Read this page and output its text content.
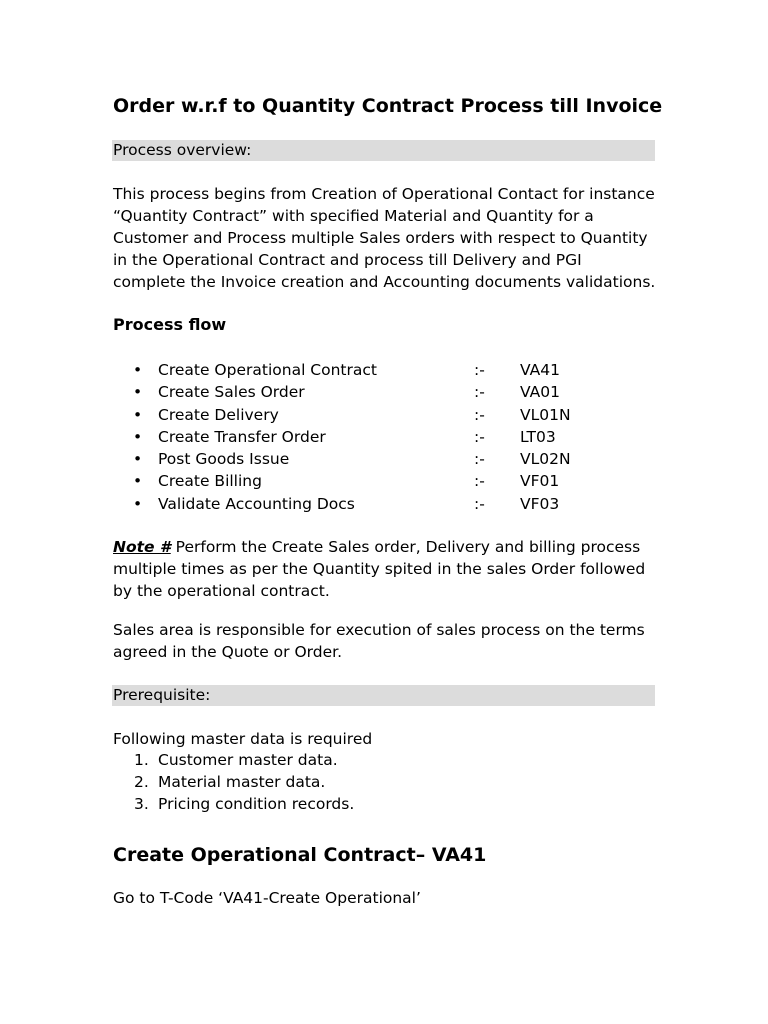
Order w.r.f to Quantity Contract Process till Invoice
Process overview:

This process begins from Creation of Operational Contact for instance
“Quantity Contract” with specified Material and Quantity for a
Customer and Process multiple Sales orders with respect to Quantity
in the Operational Contract and process till Delivery and PGI
complete the Invoice creation and Accounting documents validations.

Process flow
• Create Operational Contract	:- VA41
• Create Sales Order	:- VA01
• Create Delivery	:- VL01N
• Create Transfer Order	:- LT03
• Post Goods Issue	:- VL02N
• Create Billing	:- VF01
• Validate Accounting Docs	:- VF03

Note # Perform the Create Sales order, Delivery and billing process
multiple times as per the Quantity spited in the sales Order followed
by the operational contract.

Sales area is responsible for execution of sales process on the terms
agreed in the Quote or Order.

Prerequisite:

Following master data is required

1. Customer master data.
2. Material master data.
3. Pricing condition records.
Create Operational Contract– VA41

Go to T-Code ‘VA41-Create Operational’
